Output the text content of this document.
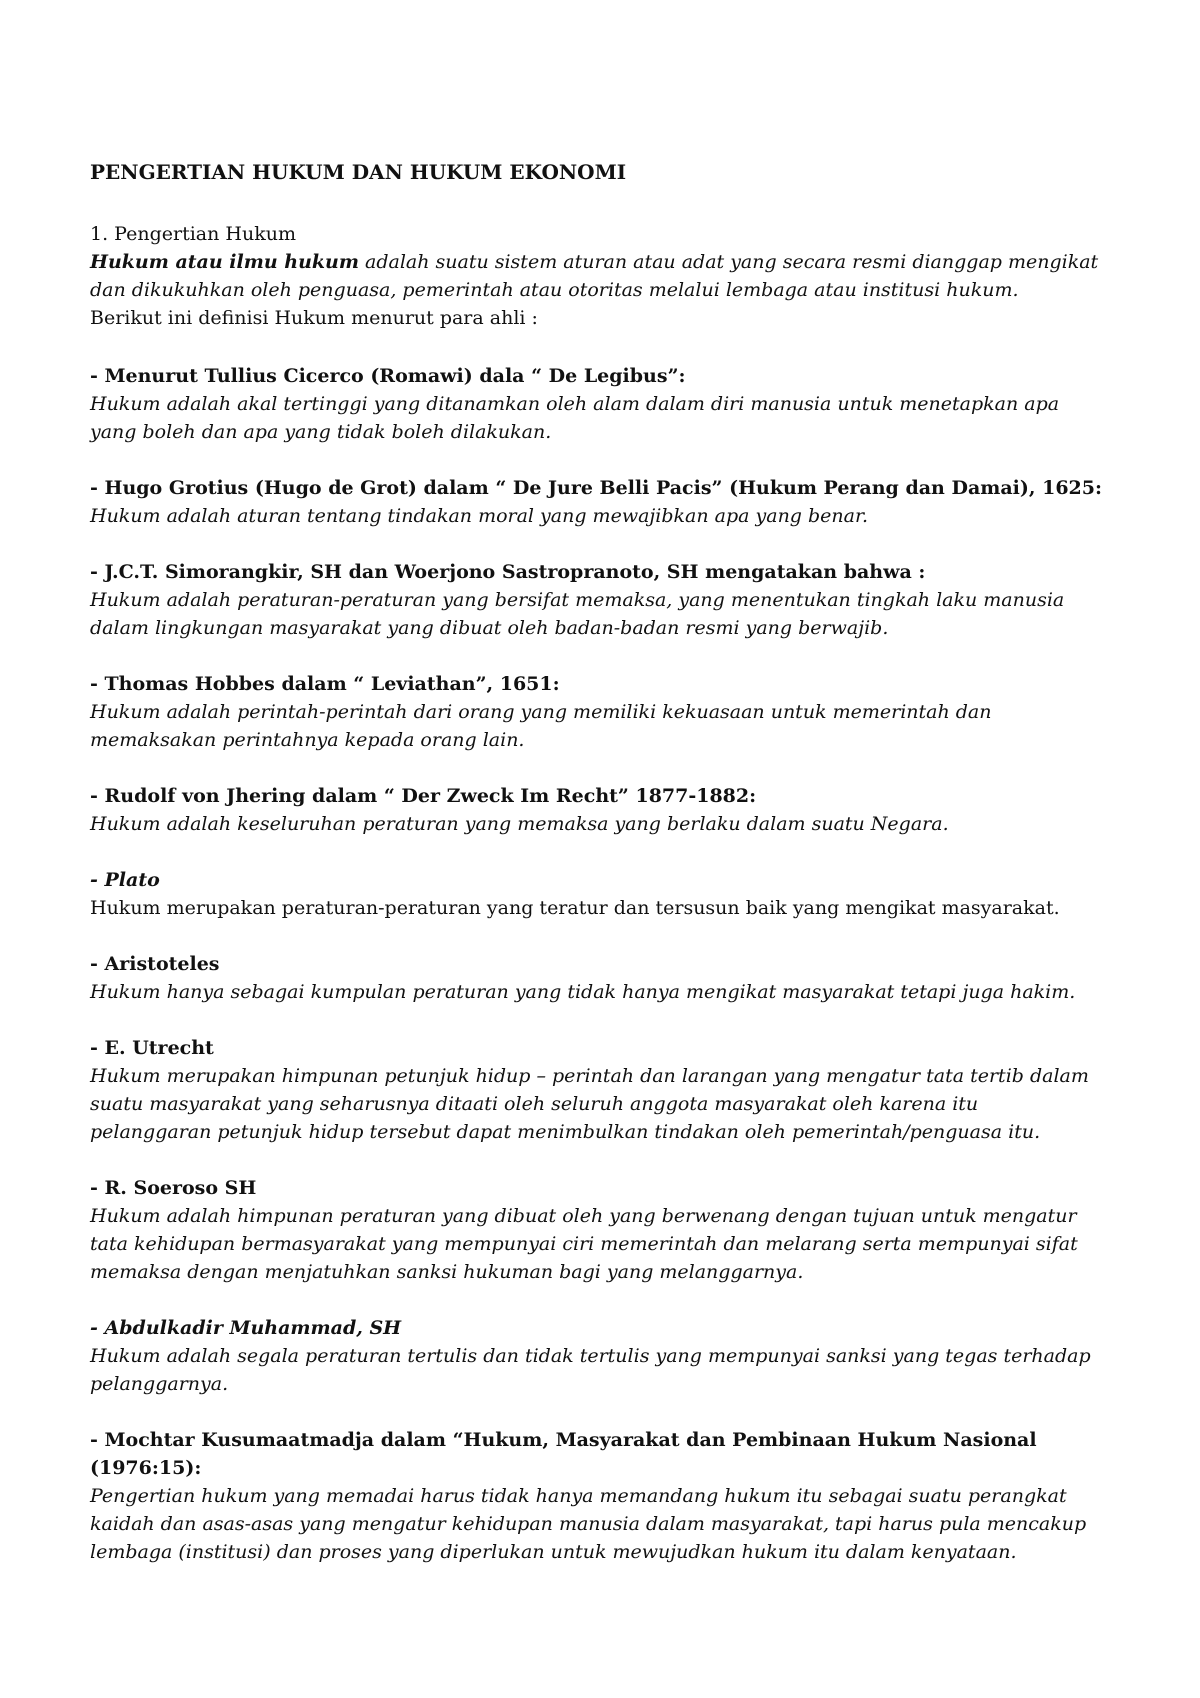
PENGERTIAN HUKUM DAN HUKUM EKONOMI
1. Pengertian Hukum
Hukum atau ilmu hukum adalah suatu sistem aturan atau adat yang secara resmi dianggap mengikat
dan dikukuhkan oleh penguasa, pemerintah atau otoritas melalui lembaga atau institusi hukum.
Berikut ini definisi Hukum menurut para ahli :
- Menurut Tullius Cicerco (Romawi) dala “ De Legibus”:
Hukum adalah akal tertinggi yang ditanamkan oleh alam dalam diri manusia untuk menetapkan apa
yang boleh dan apa yang tidak boleh dilakukan.
- Hugo Grotius (Hugo de Grot) dalam “ De Jure Belli Pacis” (Hukum Perang dan Damai), 1625:
Hukum adalah aturan tentang tindakan moral yang mewajibkan apa yang benar.
- J.C.T. Simorangkir, SH dan Woerjono Sastropranoto, SH mengatakan bahwa :
Hukum adalah peraturan-peraturan yang bersifat memaksa, yang menentukan tingkah laku manusia
dalam lingkungan masyarakat yang dibuat oleh badan-badan resmi yang berwajib.
- Thomas Hobbes dalam “ Leviathan”, 1651:
Hukum adalah perintah-perintah dari orang yang memiliki kekuasaan untuk memerintah dan
memaksakan perintahnya kepada orang lain.
- Rudolf von Jhering dalam “ Der Zweck Im Recht” 1877-1882:
Hukum adalah keseluruhan peraturan yang memaksa yang berlaku dalam suatu Negara.
- Plato
Hukum merupakan peraturan-peraturan yang teratur dan tersusun baik yang mengikat masyarakat.
- Aristoteles
Hukum hanya sebagai kumpulan peraturan yang tidak hanya mengikat masyarakat tetapi juga hakim.
- E. Utrecht
Hukum merupakan himpunan petunjuk hidup – perintah dan larangan yang mengatur tata tertib dalam
suatu masyarakat yang seharusnya ditaati oleh seluruh anggota masyarakat oleh karena itu
pelanggaran petunjuk hidup tersebut dapat menimbulkan tindakan oleh pemerintah/penguasa itu.
- R. Soeroso SH
Hukum adalah himpunan peraturan yang dibuat oleh yang berwenang dengan tujuan untuk mengatur
tata kehidupan bermasyarakat yang mempunyai ciri memerintah dan melarang serta mempunyai sifat
memaksa dengan menjatuhkan sanksi hukuman bagi yang melanggarnya.
- Abdulkadir Muhammad, SH
Hukum adalah segala peraturan tertulis dan tidak tertulis yang mempunyai sanksi yang tegas terhadap
pelanggarnya.
- Mochtar Kusumaatmadja dalam “Hukum, Masyarakat dan Pembinaan Hukum Nasional
(1976:15):
Pengertian hukum yang memadai harus tidak hanya memandang hukum itu sebagai suatu perangkat
kaidah dan asas-asas yang mengatur kehidupan manusia dalam masyarakat, tapi harus pula mencakup
lembaga (institusi) dan proses yang diperlukan untuk mewujudkan hukum itu dalam kenyataan.
